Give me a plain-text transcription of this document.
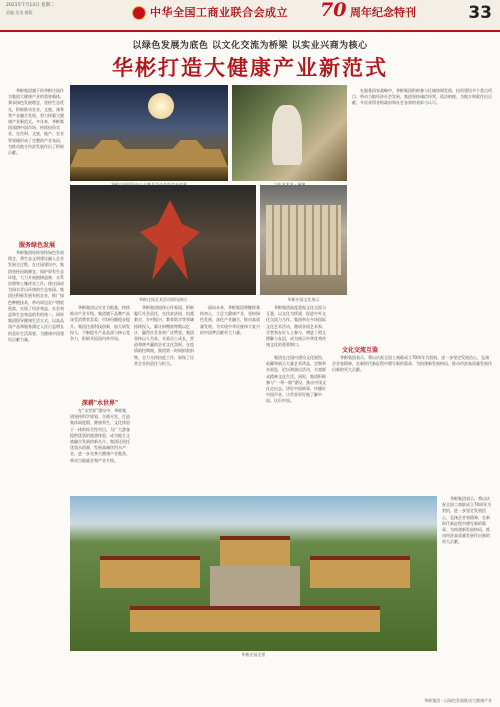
2021年7月13日 星期二
责编 美术 排版	中华全国工商业联合会成立 70 周年纪念特刊	33
以绿色发展为底色 以文化交流为桥梁 以实业兴商为核心
华彬打造大健康产业新范式

华彬集团旗下的华彬庄园作为集团大健康产业的重要载体，秉承绿色发展理念，坚持生态优先，积极推动农业、文旅、康养等产业融合发展，努力探索大健康产业新范式。多年来，华彬集团深耕中国市场，持续投资实业，在饮料、文旅、地产、农业等领域形成了完整的产业布局，为推动地方经济发展作出了积极贡献。

服务绿色发展

华彬集团始终坚持绿色发展理念，将生态文明建设融入企业发展全过程。在庄园建设中，集团坚持因地制宜，保护原有生态环境，大力开展植树造林、水系治理和土壤改良工作，使庄园成为绿水青山环绕的生态家园。集团还积极发展有机农业，推广绿色种植技术，带动周边农户增收致富，实现了经济效益、社会效益和生态效益的有机统一。同时集团倡导健康生活方式，以高品质产品和服务满足人民日益增长的美好生活需要，为健康中国建设贡献力量。

华彬庄园艺术活动现场演出	华彬庄园文化展示

华彬集团以实业为根基，持续推动产业升级。集团旗下品牌产品深受消费者喜爱，市场份额稳步提升。集团注重科技创新，加大研发投入，不断提升产品品质与核心竞争力，积极开拓国内外市场。

深耕"水世界"

在“水世界”建设中，华彬集团坚持科学规划、合理开发，打造集休闲度假、健康养生、文化体验于一体的综合性项目，为广大游客提供优质的旅游体验，成为地方文旅融合发展的新名片。集团还依托优质水资源，发展高端饮用水产业，进一步完善大健康产业链条，带动当地就业和产业升级。

华彬集团始终心怀家国，积极履行社会责任，在扶贫济困、抗震救灾、乡村振兴、教育助学等领域持续投入，累计捐赠款物数以亿计，赢得社会各界广泛赞誉。集团坚持以人为本，关爱员工成长，营造和谐共赢的企业文化氛围。在疫情防控期间，集团第一时间捐款捐物，全力支持抗疫工作，展现了民营企业的责任与担当。

面向未来，华彬集团将继续秉持初心，立足大健康产业，坚持绿色发展，深化产业融合，推动高质量发展，为实现中华民族伟大复兴的中国梦贡献更大力量。

华彬集团高度重视文化交流与互鉴，以文化为桥梁，促进中外文化交流与合作。集团举办多场国际文化艺术活动，邀请各国艺术家、学者和友好人士参与，增进了相互理解与友谊，成为展示中华优秀传统文化的重要窗口。

文化交流互鉴

集团在庄园内建设文化展馆，收藏和展示大量艺术珍品，定期举办展览、论坛和演出活动，丰富群众精神文化生活。同时，集团积极参与“一带一路”建设，推动中国文化走出去，讲好中国故事，传播好中国声音，让世界更好地了解中国、认识中国。

在服务国家战略中，华彬集团积极参与区域协调发展，投资建设多个重点项目，带动当地经济社会发展。集团坚持诚信经营，依法纳税，为地方财政作出贡献，多次获得各级政府和社会各界的表彰与认可。

华彬集团表示，将以庆祝全国工商联成立70周年为契机，进一步坚定发展信心，弘扬企业家精神，在新时代新征程中谱写新的篇章，为构建新发展格局、推动经济高质量发展作出新的更大贡献。

华彬庄园全景

华彬集团表示，将以庆祝全国工商联成立70周年为契机，进一步坚定发展信心，弘扬企业家精神，在新时代新征程中谱写新的篇章，为构建新发展格局、推动经济高质量发展作出新的更大贡献。

华彬集团 · 以绿色发展推动大健康产业
